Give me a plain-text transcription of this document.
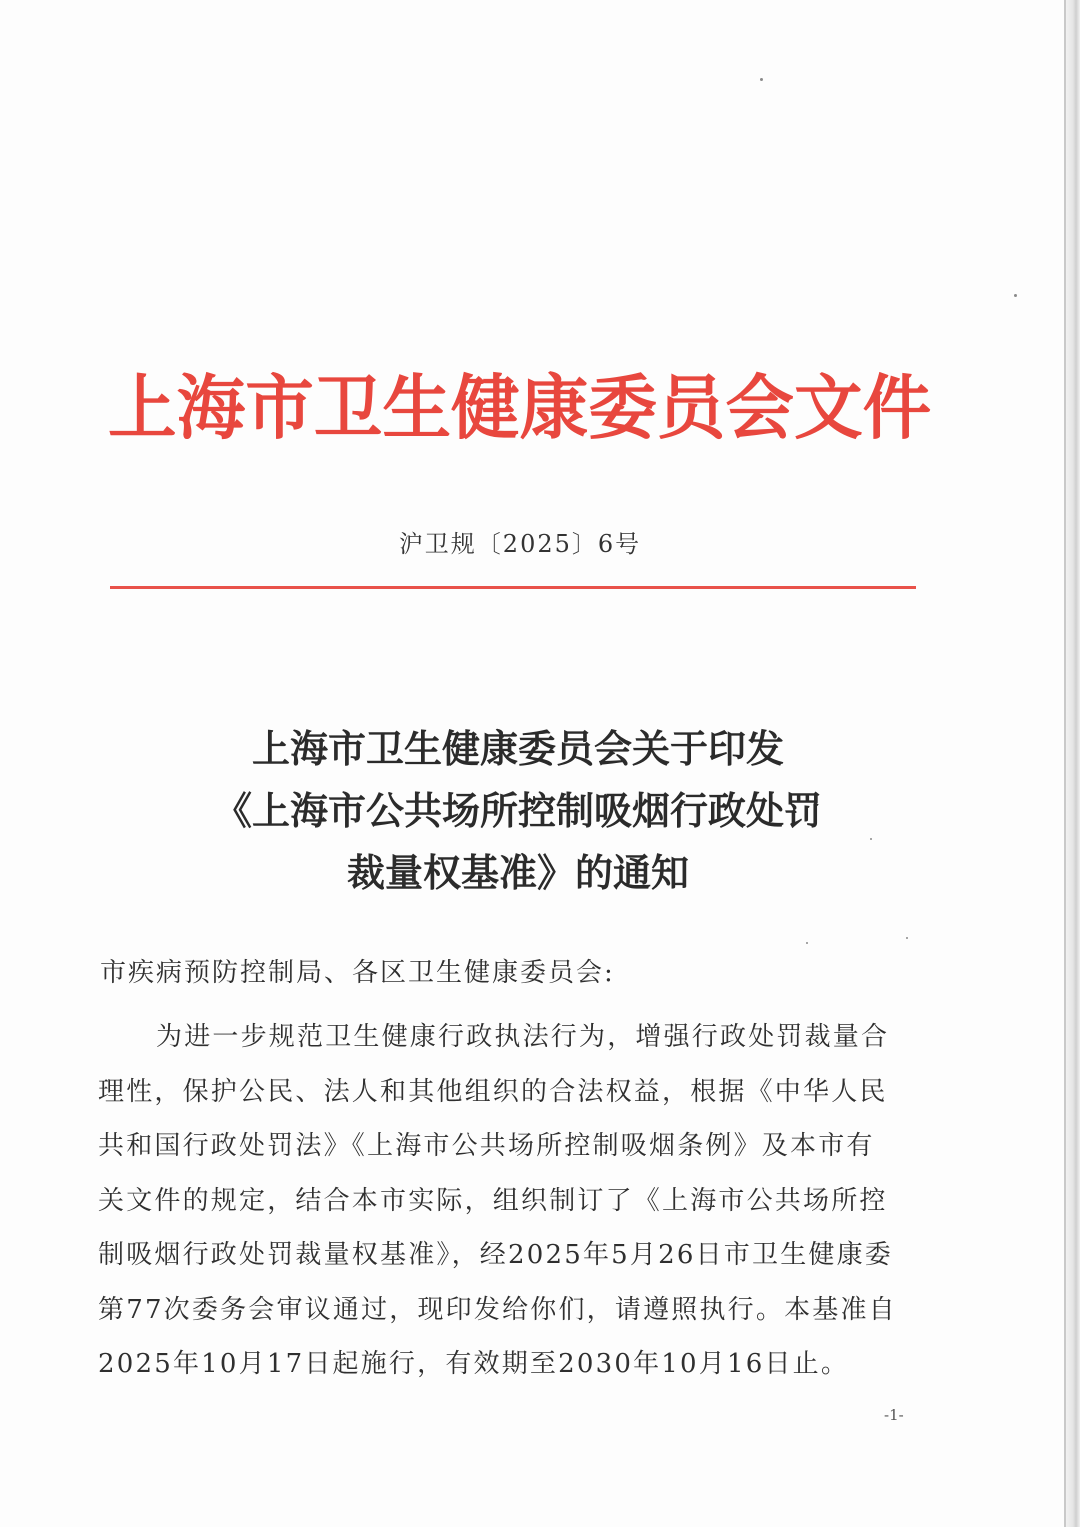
上海市卫生健康委员会文件
沪卫规〔2025〕6号
上海市卫生健康委员会关于印发
《上海市公共场所控制吸烟行政处罚
裁量权基准》的通知
市疾病预防控制局、各区卫生健康委员会:
为进一步规范卫生健康行政执法行为，增强行政处罚裁量合
理性，保护公民、法人和其他组织的合法权益，根据《中华人民
共和国行政处罚法》《上海市公共场所控制吸烟条例》及本市有
关文件的规定，结合本市实际，组织制订了《上海市公共场所控
制吸烟行政处罚裁量权基准》，经2025年5月26日市卫生健康委
第77次委务会审议通过，现印发给你们，请遵照执行。本基准自
2025年10月17日起施行，有效期至2030年10月16日止。
-1-
